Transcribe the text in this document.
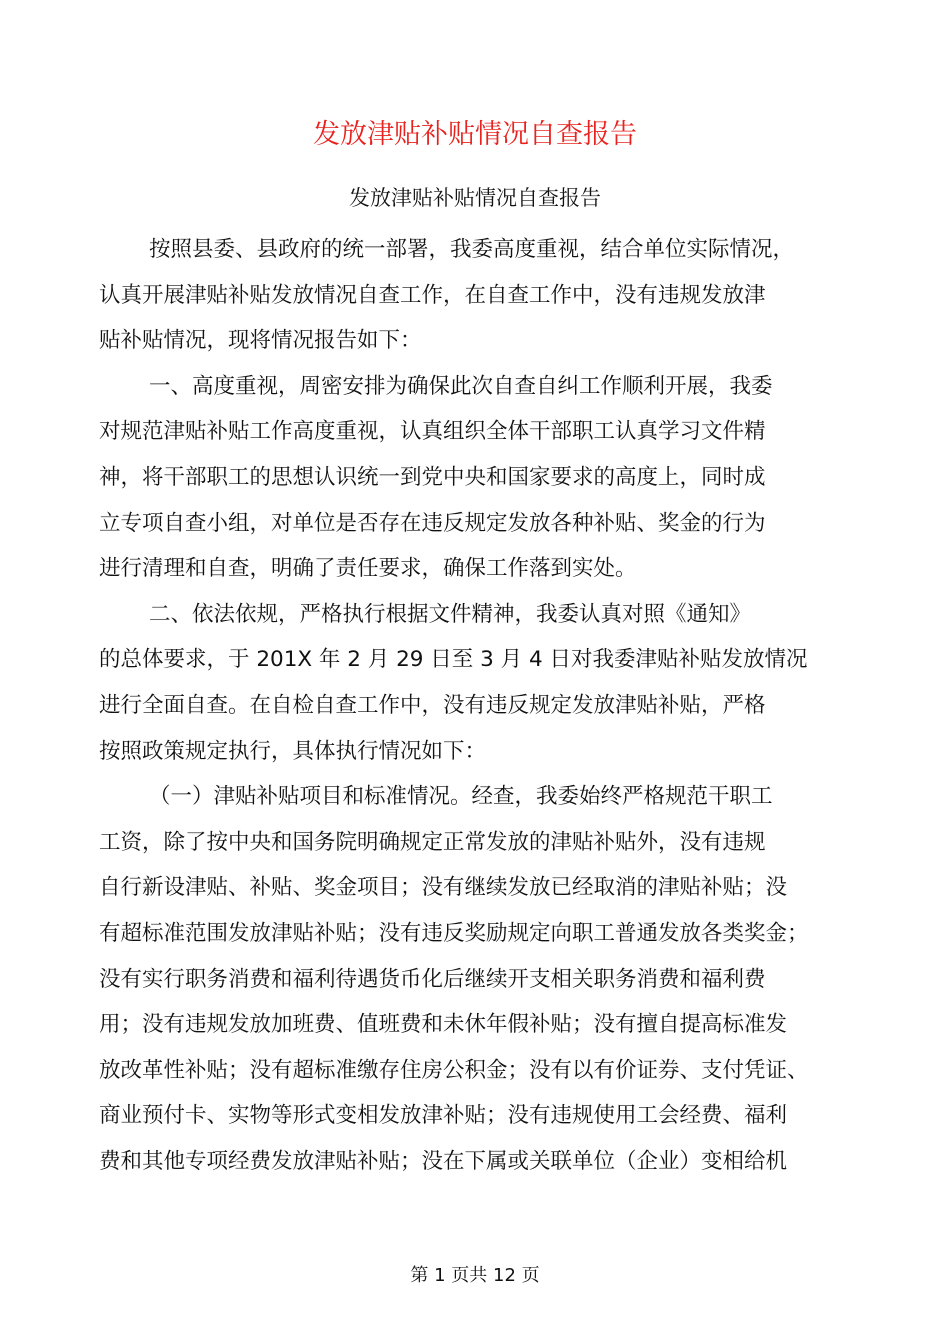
发放津贴补贴情况自查报告
发放津贴补贴情况自查报告

按照县委、县政府的统一部署，我委高度重视，结合单位实际情况，
认真开展津贴补贴发放情况自查工作，在自查工作中，没有违规发放津
贴补贴情况，现将情况报告如下：

一、高度重视，周密安排为确保此次自查自纠工作顺利开展，我委
对规范津贴补贴工作高度重视，认真组织全体干部职工认真学习文件精
神，将干部职工的思想认识统一到党中央和国家要求的高度上，同时成
立专项自查小组，对单位是否存在违反规定发放各种补贴、奖金的行为
进行清理和自查，明确了责任要求，确保工作落到实处。

二、依法依规，严格执行根据文件精神，我委认真对照《通知》
的总体要求，于 201X 年 2 月 29 日至 3 月 4 日对我委津贴补贴发放情况
进行全面自查。在自检自查工作中，没有违反规定发放津贴补贴，严格
按照政策规定执行，具体执行情况如下：

（一）津贴补贴项目和标准情况。经查，我委始终严格规范干职工
工资，除了按中央和国务院明确规定正常发放的津贴补贴外，没有违规
自行新设津贴、补贴、奖金项目；没有继续发放已经取消的津贴补贴；没
有超标准范围发放津贴补贴；没有违反奖励规定向职工普通发放各类奖金；
没有实行职务消费和福利待遇货币化后继续开支相关职务消费和福利费
用；没有违规发放加班费、值班费和未休年假补贴；没有擅自提高标准发
放改革性补贴；没有超标准缴存住房公积金；没有以有价证券、支付凭证、
商业预付卡、实物等形式变相发放津补贴；没有违规使用工会经费、福利
费和其他专项经费发放津贴补贴；没在下属或关联单位（企业）变相给机

第 1 页共 12 页
